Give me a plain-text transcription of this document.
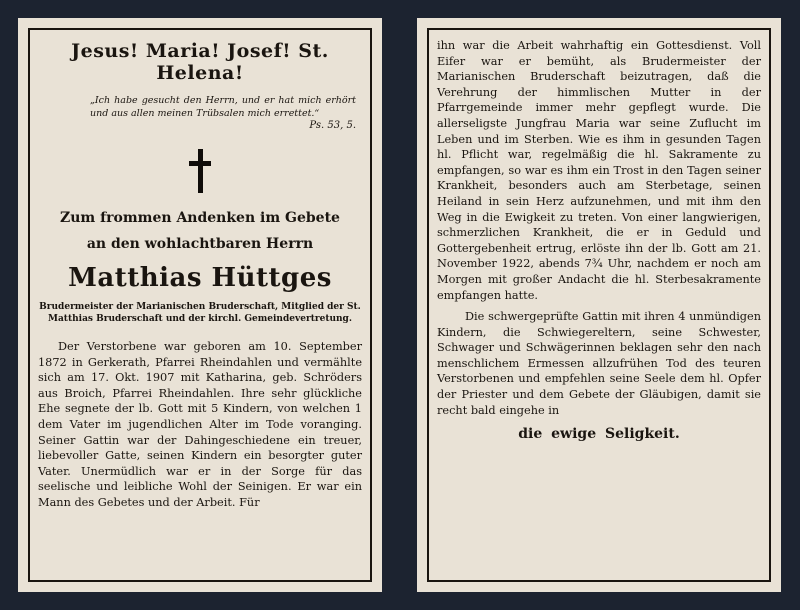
Jesus! Maria! Josef! St. Helena!
„Ich habe gesucht den Herrn, und er hat mich erhört und aus allen meinen Trübsalen mich errettet.“
Ps. 53, 5.
Zum frommen Andenken im Gebete
an den wohlachtbaren Herrn
Matthias Hüttges
Brudermeister der Marianischen Bruderschaft, Mitglied der St. Matthias Bruderschaft und der kirchl. Gemeindevertretung.

Der Verstorbene war geboren am 10. September 1872 in Gerkerath, Pfarrei Rheindahlen und vermählte sich am 17. Okt. 1907 mit Katharina, geb. Schröders aus Broich, Pfarrei Rheindahlen. Ihre sehr glückliche Ehe segnete der lb. Gott mit 5 Kindern, von welchen 1 dem Vater im jugendlichen Alter im Tode voranging. Seiner Gattin war der Dahingeschiedene ein treuer, liebevoller Gatte, seinen Kindern ein besorgter guter Vater. Unermüdlich war er in der Sorge für das seelische und leibliche Wohl der Seinigen. Er war ein Mann des Gebetes und der Arbeit. Für

ihn war die Arbeit wahrhaftig ein Gottesdienst. Voll Eifer war er bemüht, als Brudermeister der Marianischen Bruderschaft beizutragen, daß die Verehrung der himmlischen Mutter in der Pfarrgemeinde immer mehr gepflegt wurde. Die allerseligste Jungfrau Maria war seine Zuflucht im Leben und im Sterben. Wie es ihm in gesunden Tagen hl. Pflicht war, regelmäßig die hl. Sakramente zu empfangen, so war es ihm ein Trost in den Tagen seiner Krankheit, besonders auch am Sterbetage, seinen Heiland in sein Herz aufzunehmen, und mit ihm den Weg in die Ewigkeit zu treten. Von einer langwierigen, schmerzlichen Krankheit, die er in Geduld und Gottergebenheit ertrug, erlöste ihn der lb. Gott am 21. November 1922, abends 7¾ Uhr, nachdem er noch am Morgen mit großer Andacht die hl. Sterbesakramente empfangen hatte.

Die schwergeprüfte Gattin mit ihren 4 unmündigen Kindern, die Schwiegereltern, seine Schwester, Schwager und Schwägerinnen beklagen sehr den nach menschlichem Ermessen allzufrühen Tod des teuren Verstorbenen und empfehlen seine Seele dem hl. Opfer der Priester und dem Gebete der Gläubigen, damit sie recht bald eingehe in

die ewige Seligkeit.
